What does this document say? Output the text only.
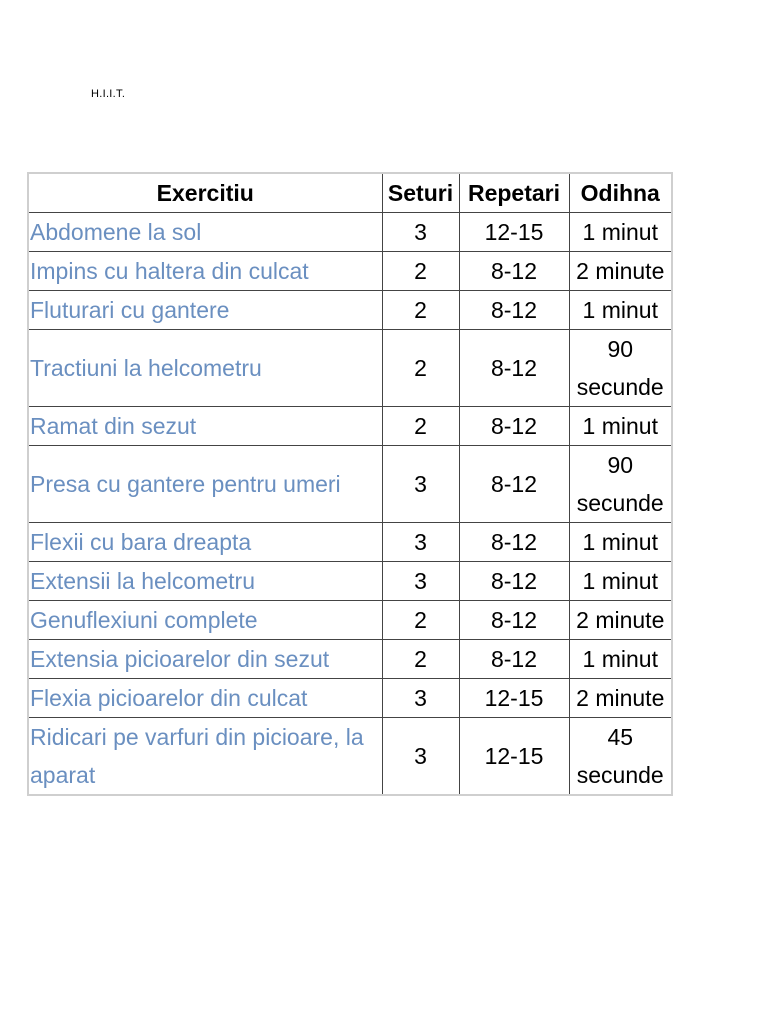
H.I.I.T.
Exercitiu	Seturi	Repetari	Odihna
Abdomene la sol	3	12-15	1 minut
Impins cu haltera din culcat	2	8-12	2 minute
Fluturari cu gantere	2	8-12	1 minut
Tractiuni la helcometru	2	8-12	90 secunde
Ramat din sezut	2	8-12	1 minut
Presa cu gantere pentru umeri	3	8-12	90 secunde
Flexii cu bara dreapta	3	8-12	1 minut
Extensii la helcometru	3	8-12	1 minut
Genuflexiuni complete	2	8-12	2 minute
Extensia picioarelor din sezut	2	8-12	1 minut
Flexia picioarelor din culcat	3	12-15	2 minute
Ridicari pe varfuri din picioare, la aparat	3	12-15	45 secunde
